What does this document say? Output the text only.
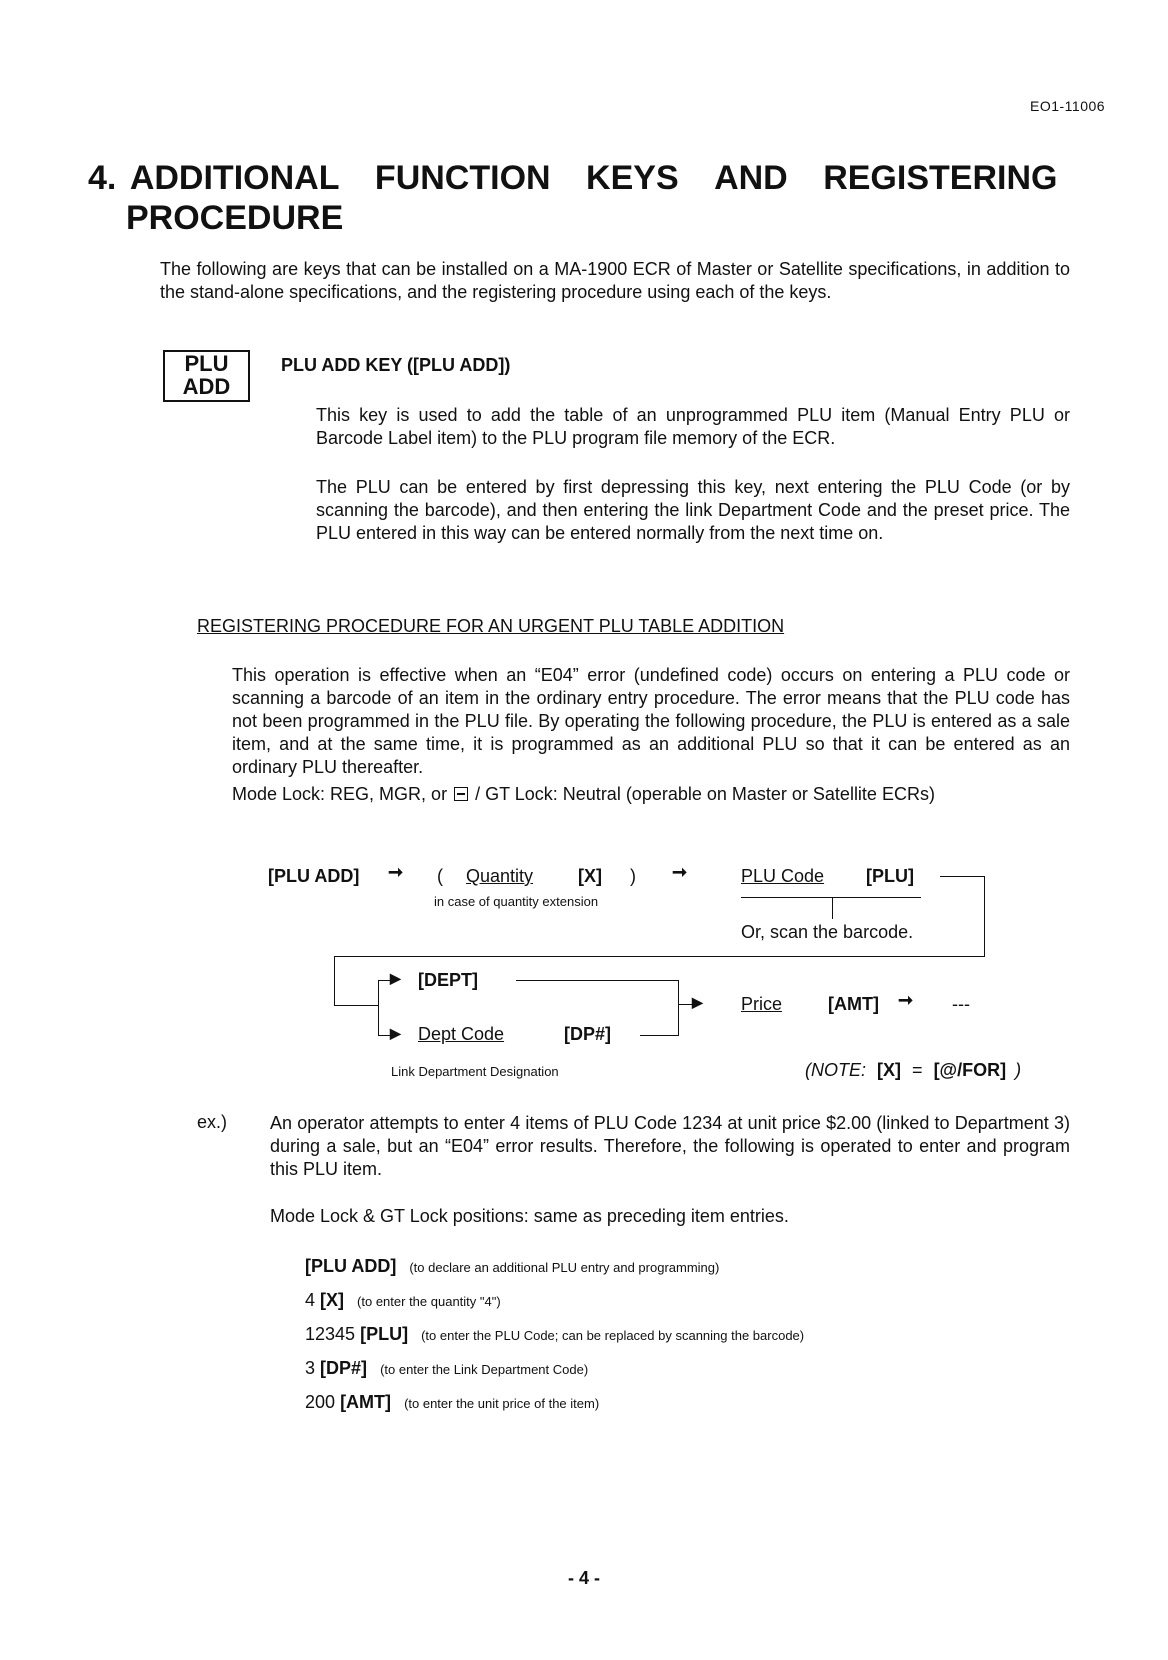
EO1-11006
4. ADDITIONAL FUNCTION KEYS AND REGISTERING
PROCEDURE

The following are keys that can be installed on a MA-1900 ECR of Master or Satellite specifications, in addition to the stand-alone specifications, and the registering procedure using each of the keys.

PLU
ADD
PLU ADD KEY ([PLU ADD])

This key is used to add the table of an unprogrammed PLU item (Manual Entry PLU or Barcode Label item) to the PLU program file memory of the ECR.

The PLU can be entered by first depressing this key, next entering the PLU Code (or by scanning the barcode), and then entering the link Department Code and the preset price. The PLU entered in this way can be entered normally from the next time on.

REGISTERING PROCEDURE FOR AN URGENT PLU TABLE ADDITION

This operation is effective when an “E04” error (undefined code) occurs on entering a PLU code or scanning a barcode of an item in the ordinary entry procedure. The error means that the PLU code has not been programmed in the PLU file. By operating the following procedure, the PLU is entered as a sale item, and at the same time, it is programmed as an additional PLU so that it can be entered as an ordinary PLU thereafter.

Mode Lock: REG, MGR, or / GT Lock: Neutral (operable on Master or Satellite ECRs)
[PLU ADD] ➞ ( Quantity [X] ) ➞
in case of quantity extension
PLU Code [PLU]
Or, scan the barcode.
▶ [DEPT]
▶ Dept Code	[DP#]
▶ Price	[AMT] ➞ ---
Link Department Designation	(NOTE: [X] = [@/FOR] )
ex.) An operator attempts to enter 4 items of PLU Code 1234 at unit price $2.00 (linked to Department 3) during a sale, but an “E04” error results. Therefore, the following is operated to enter and program this PLU item.

Mode Lock & GT Lock positions: same as preceding item entries.
[PLU ADD] (to declare an additional PLU entry and programming)
4 [X] (to enter the quantity "4")
12345 [PLU] (to enter the PLU Code; can be replaced by scanning the barcode)
3 [DP#] (to enter the Link Department Code)
200 [AMT] (to enter the unit price of the item)
- 4 -
